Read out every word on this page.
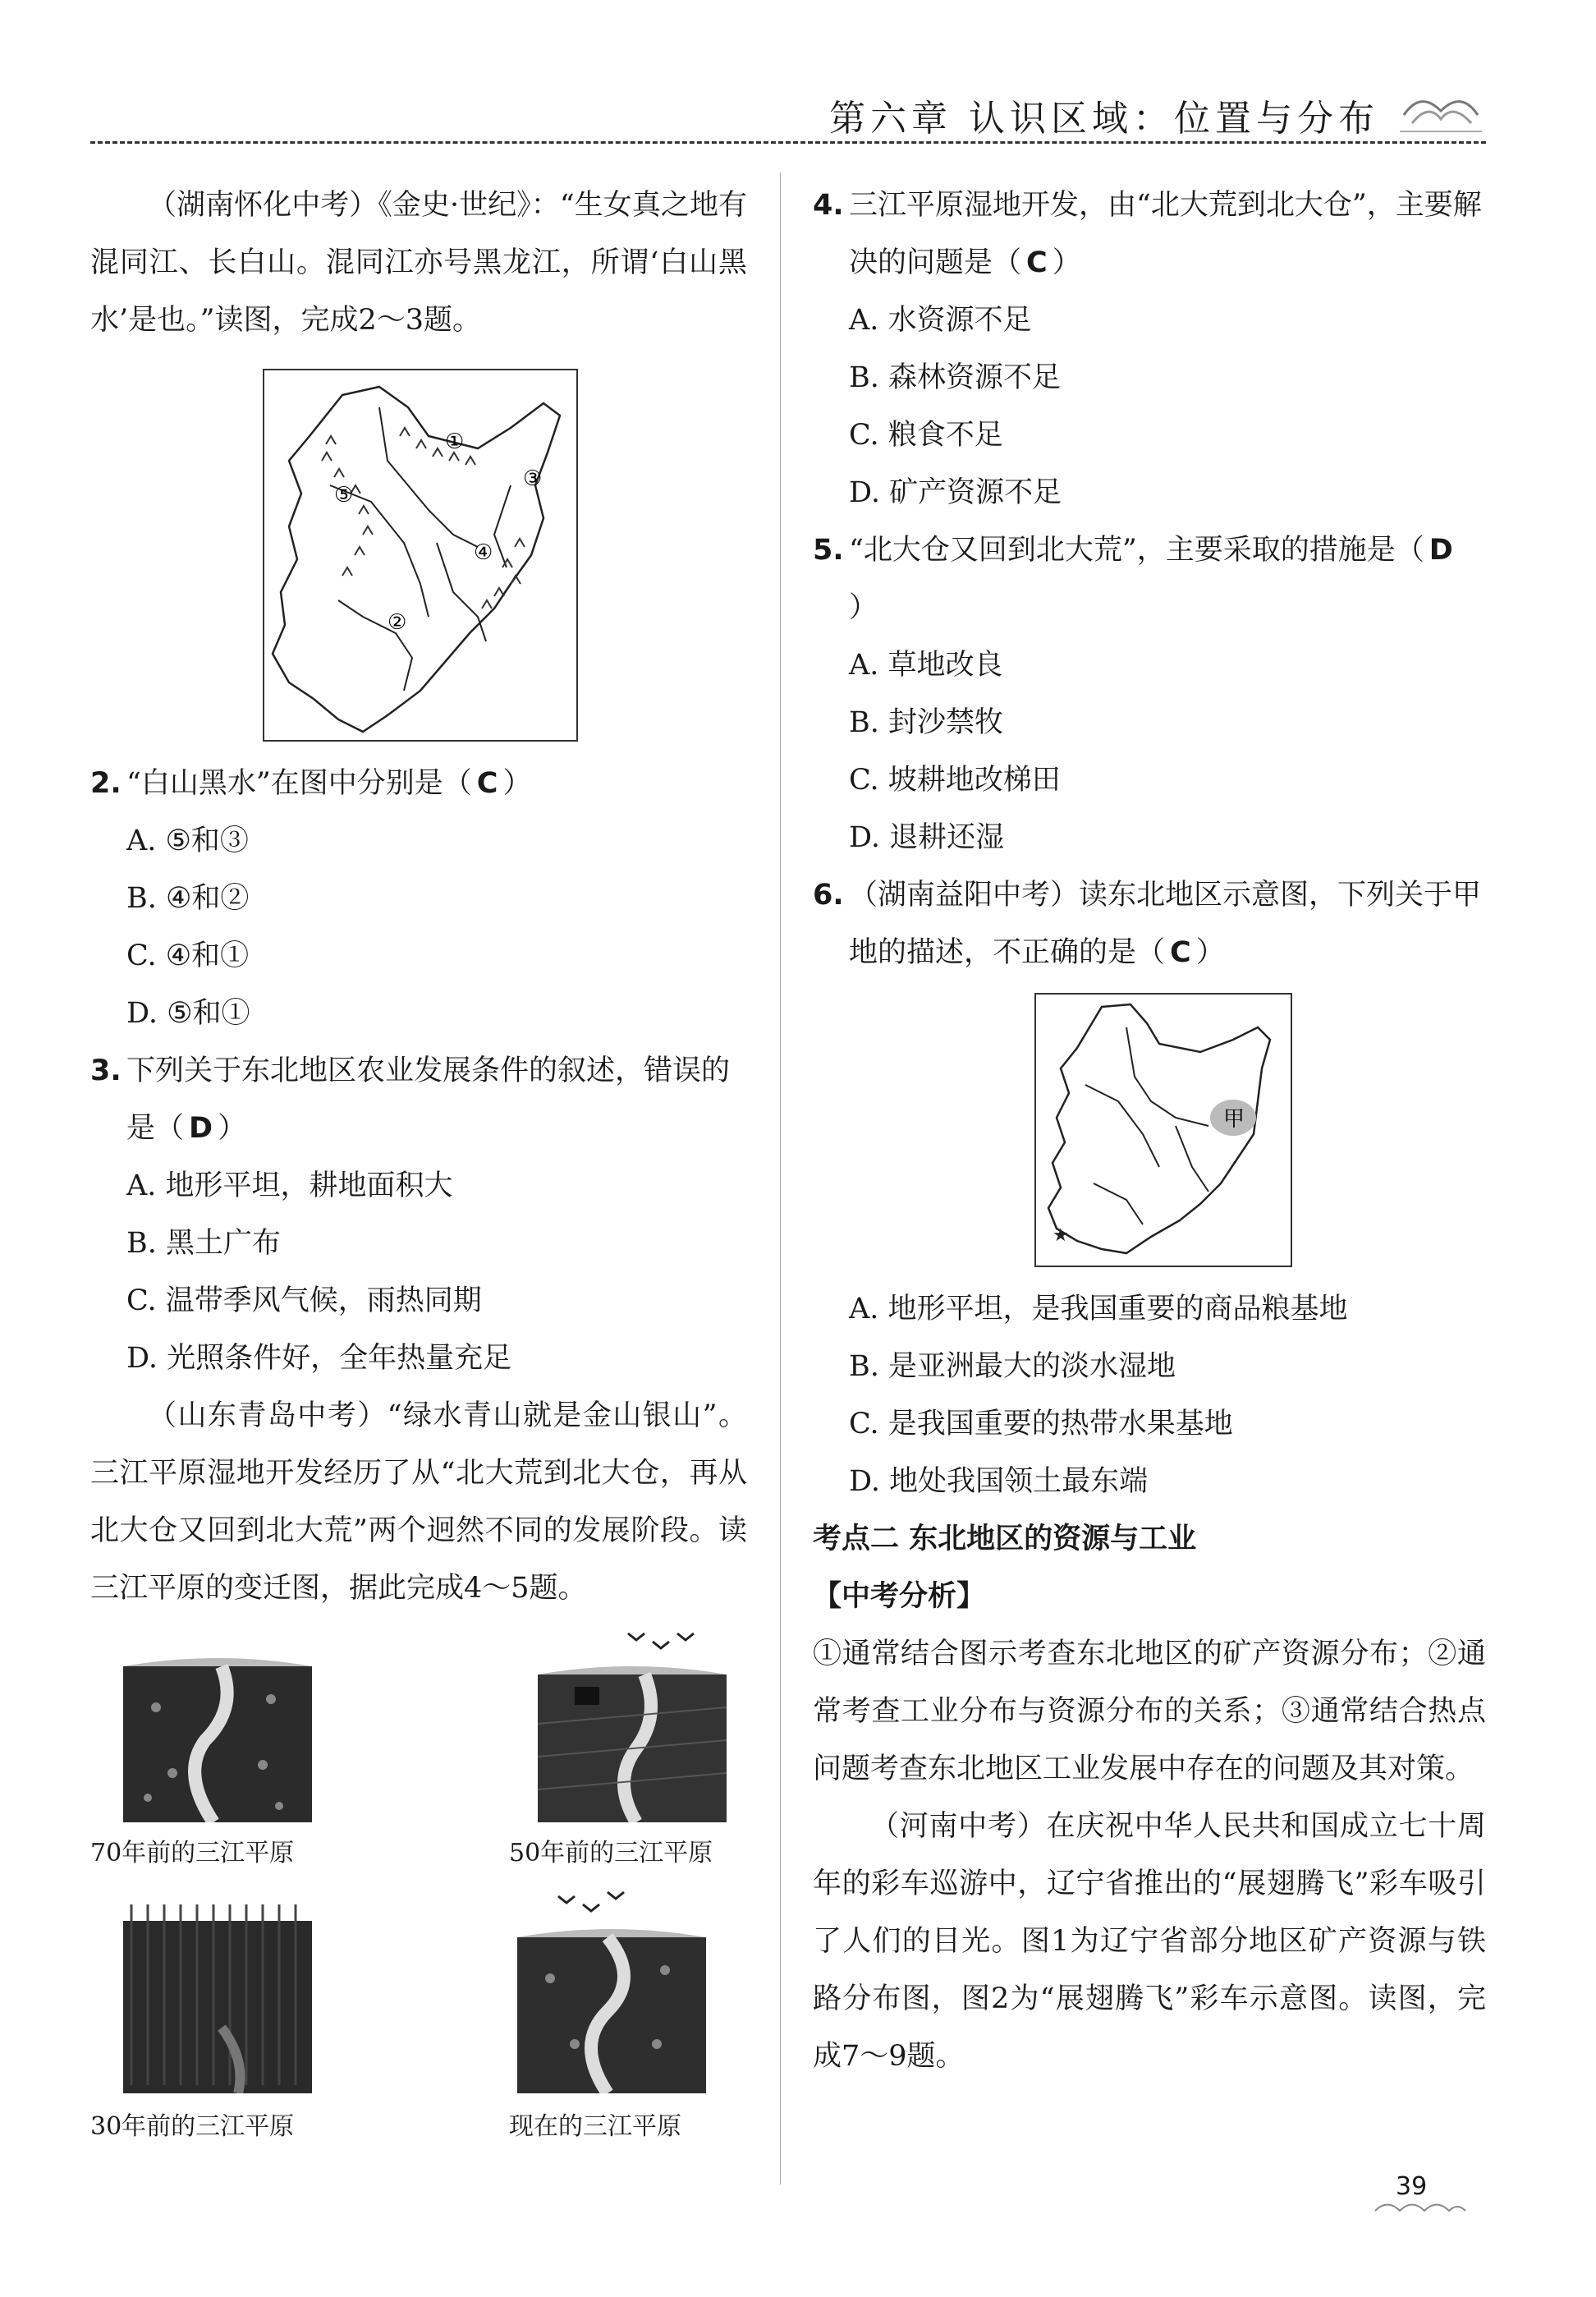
第六章 认识区域：位置与分布

（湖南怀化中考）《金史·世纪》：“生女真之地有混同江、长白山。混同江亦号黑龙江，所谓‘白山黑水’是也。”读图，完成2～3题。

①
②
③
④
⑤

2. “白山黑水”在图中分别是（ C ）

A. ⑤和③

B. ④和②

C. ④和①

D. ⑤和①

3. 下列关于东北地区农业发展条件的叙述，错误的是（ D ）

A. 地形平坦，耕地面积大

B. 黑土广布

C. 温带季风气候，雨热同期

D. 光照条件好，全年热量充足

（山东青岛中考）“绿水青山就是金山银山”。三江平原湿地开发经历了从“北大荒到北大仓，再从北大仓又回到北大荒”两个迥然不同的发展阶段。读三江平原的变迁图，据此完成4～5题。

70年前的三江平原	50年前的三江平原
30年前的三江平原	现在的三江平原

4. 三江平原湿地开发，由“北大荒到北大仓”，主要解决的问题是（ C ）

A. 水资源不足

B. 森林资源不足

C. 粮食不足

D. 矿产资源不足

5. “北大仓又回到北大荒”，主要采取的措施是（ D）

A. 草地改良

B. 封沙禁牧

C. 坡耕地改梯田

D. 退耕还湿

6. （湖南益阳中考）读东北地区示意图，下列关于甲地的描述，不正确的是（ C ）

甲
★

A. 地形平坦，是我国重要的商品粮基地

B. 是亚洲最大的淡水湿地

C. 是我国重要的热带水果基地

D. 地处我国领土最东端

考点二 东北地区的资源与工业

【中考分析】

①通常结合图示考查东北地区的矿产资源分布；②通常考查工业分布与资源分布的关系；③通常结合热点问题考查东北地区工业发展中存在的问题及其对策。

（河南中考）在庆祝中华人民共和国成立七十周年的彩车巡游中，辽宁省推出的“展翅腾飞”彩车吸引了人们的目光。图1为辽宁省部分地区矿产资源与铁路分布图，图2为“展翅腾飞”彩车示意图。读图，完成7～9题。

39
